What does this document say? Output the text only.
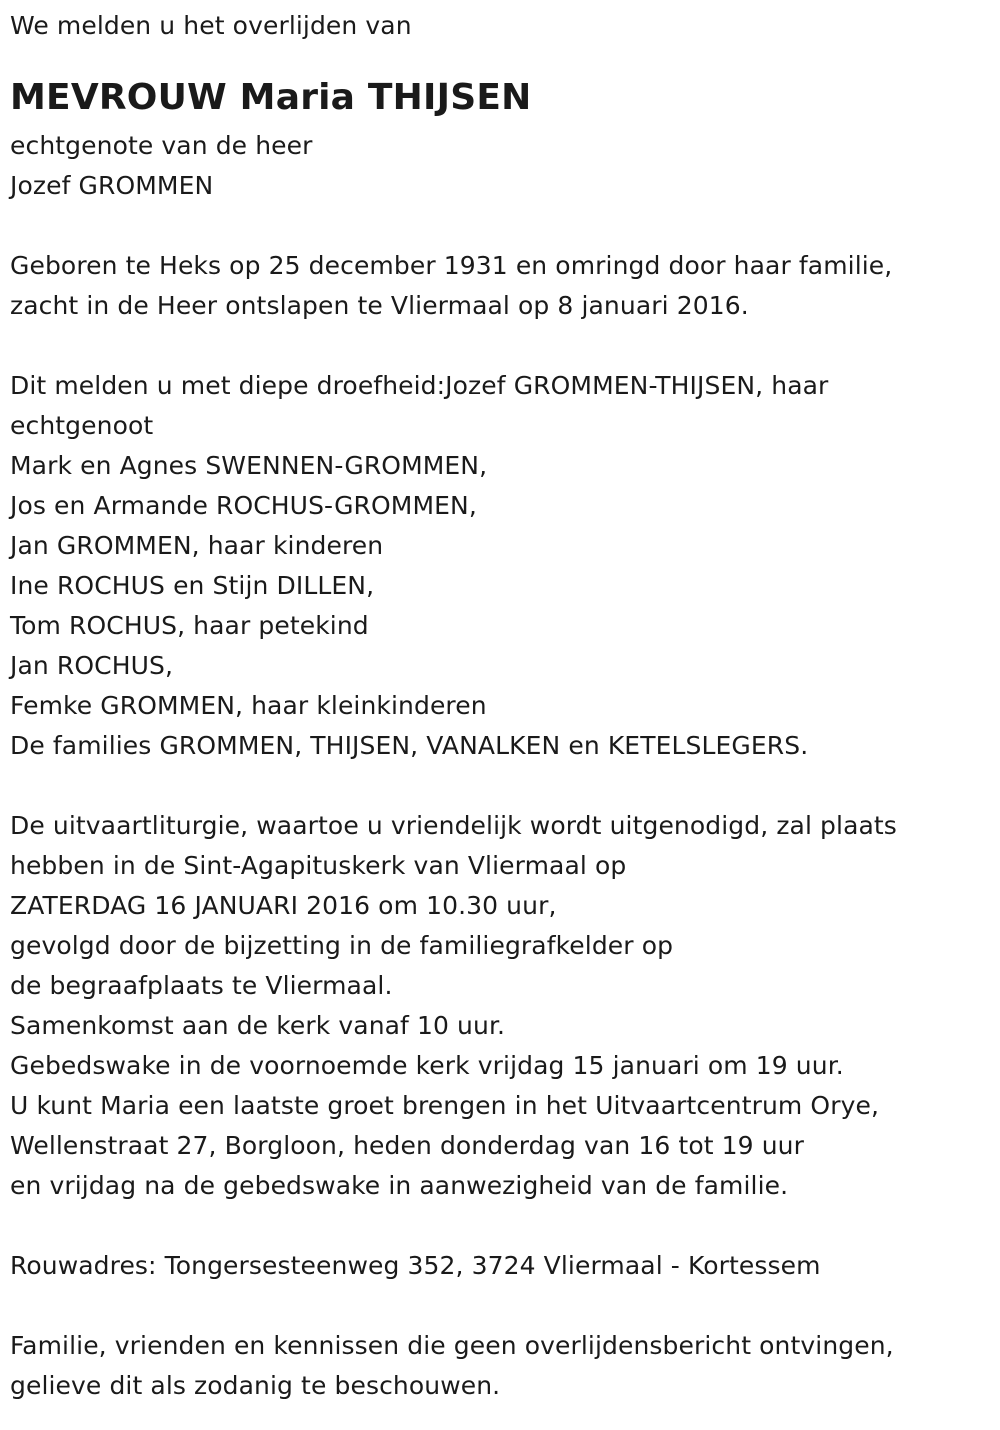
We melden u het overlijden van
MEVROUW Maria THIJSEN
echtgenote van de heer
Jozef GROMMEN
Geboren te Heks op 25 december 1931 en omringd door haar familie,
zacht in de Heer ontslapen te Vliermaal op 8 januari 2016.
Dit melden u met diepe droefheid:Jozef GROMMEN-THIJSEN, haar
echtgenoot
Mark en Agnes SWENNEN-GROMMEN,
Jos en Armande ROCHUS-GROMMEN,
Jan GROMMEN, haar kinderen
Ine ROCHUS en Stijn DILLEN,
Tom ROCHUS, haar petekind
Jan ROCHUS,
Femke GROMMEN, haar kleinkinderen
De families GROMMEN, THIJSEN, VANALKEN en KETELSLEGERS.
De uitvaartliturgie, waartoe u vriendelijk wordt uitgenodigd, zal plaats
hebben in de Sint-Agapituskerk van Vliermaal op
ZATERDAG 16 JANUARI 2016 om 10.30 uur,
gevolgd door de bijzetting in de familiegrafkelder op
de begraafplaats te Vliermaal.
Samenkomst aan de kerk vanaf 10 uur.
Gebedswake in de voornoemde kerk vrijdag 15 januari om 19 uur.
U kunt Maria een laatste groet brengen in het Uitvaartcentrum Orye,
Wellenstraat 27, Borgloon, heden donderdag van 16 tot 19 uur
en vrijdag na de gebedswake in aanwezigheid van de familie.
Rouwadres: Tongersesteenweg 352, 3724 Vliermaal - Kortessem
Familie, vrienden en kennissen die geen overlijdensbericht ontvingen,
gelieve dit als zodanig te beschouwen.
